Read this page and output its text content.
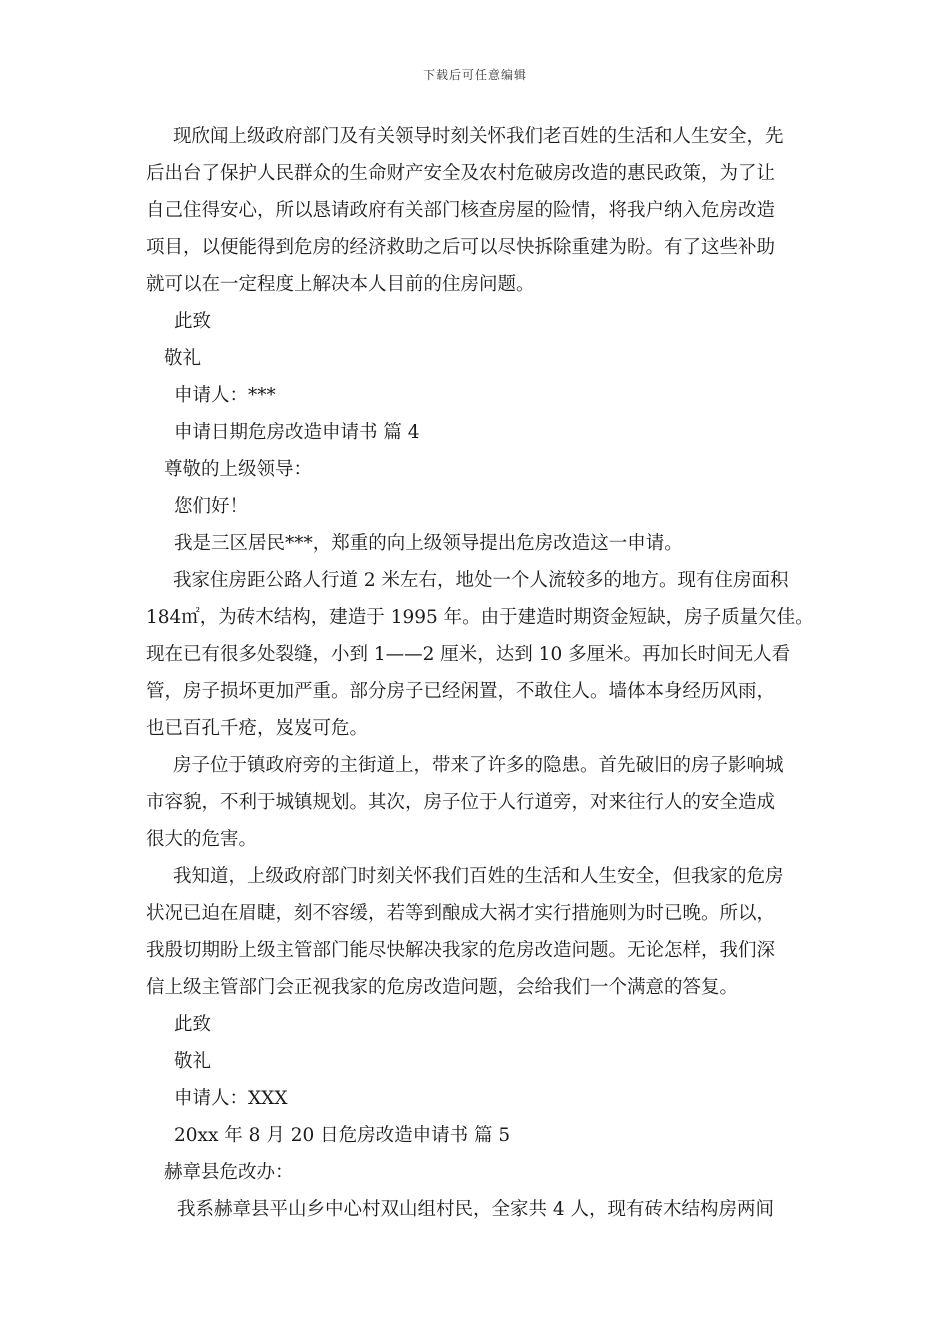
下载后可任意编辑
现欣闻上级政府部门及有关领导时刻关怀我们老百姓的生活和人生安全，先
后出台了保护人民群众的生命财产安全及农村危破房改造的惠民政策，为了让
自己住得安心，所以恳请政府有关部门核查房屋的险情，将我户纳入危房改造
项目，以便能得到危房的经济救助之后可以尽快拆除重建为盼。有了这些补助
就可以在一定程度上解决本人目前的住房问题。
此致
敬礼
申请人：***
申请日期危房改造申请书 篇 4
尊敬的上级领导：
您们好！
我是三区居民***，郑重的向上级领导提出危房改造这一申请。
我家住房距公路人行道 2 米左右，地处一个人流较多的地方。现有住房面积
184㎡，为砖木结构，建造于 1995 年。由于建造时期资金短缺，房子质量欠佳。
现在已有很多处裂缝，小到 1——2 厘米，达到 10 多厘米。再加长时间无人看
管，房子损坏更加严重。部分房子已经闲置，不敢住人。墙体本身经历风雨，
也已百孔千疮，岌岌可危。
房子位于镇政府旁的主街道上，带来了许多的隐患。首先破旧的房子影响城
市容貌，不利于城镇规划。其次，房子位于人行道旁，对来往行人的安全造成
很大的危害。
我知道，上级政府部门时刻关怀我们百姓的生活和人生安全，但我家的危房
状况已迫在眉睫，刻不容缓，若等到酿成大祸才实行措施则为时已晚。所以，
我殷切期盼上级主管部门能尽快解决我家的危房改造问题。无论怎样，我们深
信上级主管部门会正视我家的危房改造问题，会给我们一个满意的答复。
此致
敬礼
申请人：XXX
20xx 年 8 月 20 日危房改造申请书 篇 5
赫章县危改办：
我系赫章县平山乡中心村双山组村民，全家共 4 人，现有砖木结构房两间
